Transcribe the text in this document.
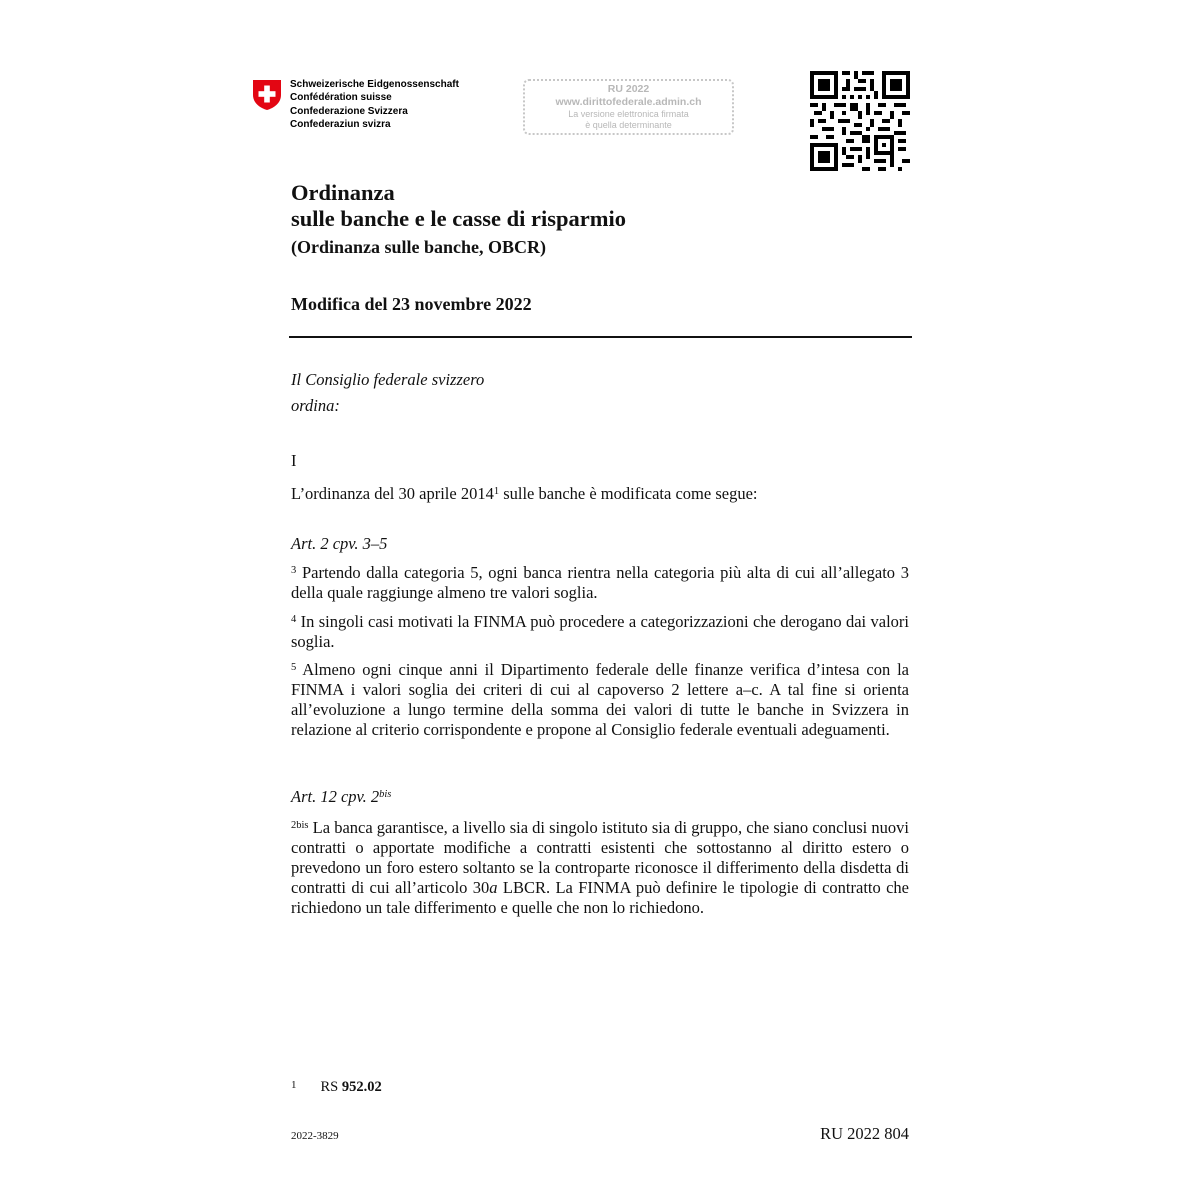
Schweizerische Eidgenossenschaft
Confédération suisse
Confederazione Svizzera
Confederaziun svizra
RU 2022
www.dirittofederale.admin.ch
La versione elettronica firmata
è quella determinante
Ordinanza
sulle banche e le casse di risparmio
(Ordinanza sulle banche, OBCR)
Modifica del 23 novembre 2022
Il Consiglio federale svizzero
ordina:
I
L’ordinanza del 30 aprile 2014$^1$ sulle banche è modificata come segue:
Art. 2 cpv. 3–5

$^3$ Partendo dalla categoria 5, ogni banca rientra nella categoria più alta di cui all’allegato 3 della quale raggiunge almeno tre valori soglia.

$^4$ In singoli casi motivati la FINMA può procedere a categorizzazioni che derogano dai valori soglia.

$^5$ Almeno ogni cinque anni il Dipartimento federale delle finanze verifica d’intesa con la FINMA i valori soglia dei criteri di cui al capoverso 2 lettere a–c. A tal fine si orienta all’evoluzione a lungo termine della somma dei valori di tutte le banche in Svizzera in relazione al criterio corrispondente e propone al Consiglio federale eventuali adeguamenti.

Art. 12 cpv. $2^{bis}$

$^{2bis}$ La banca garantisce, a livello sia di singolo istituto sia di gruppo, che siano conclusi nuovi contratti o apportate modifiche a contratti esistenti che sottostanno al diritto estero o prevedono un foro estero soltanto se la controparte riconosce il differimento della disdetta di contratti di cui all’articolo 30a LBCR. La FINMA può definire le tipologie di contratto che richiedono un tale differimento e quelle che non lo richiedono.

$^1$ RS 952.02
2022-3829	RU 2022 804
